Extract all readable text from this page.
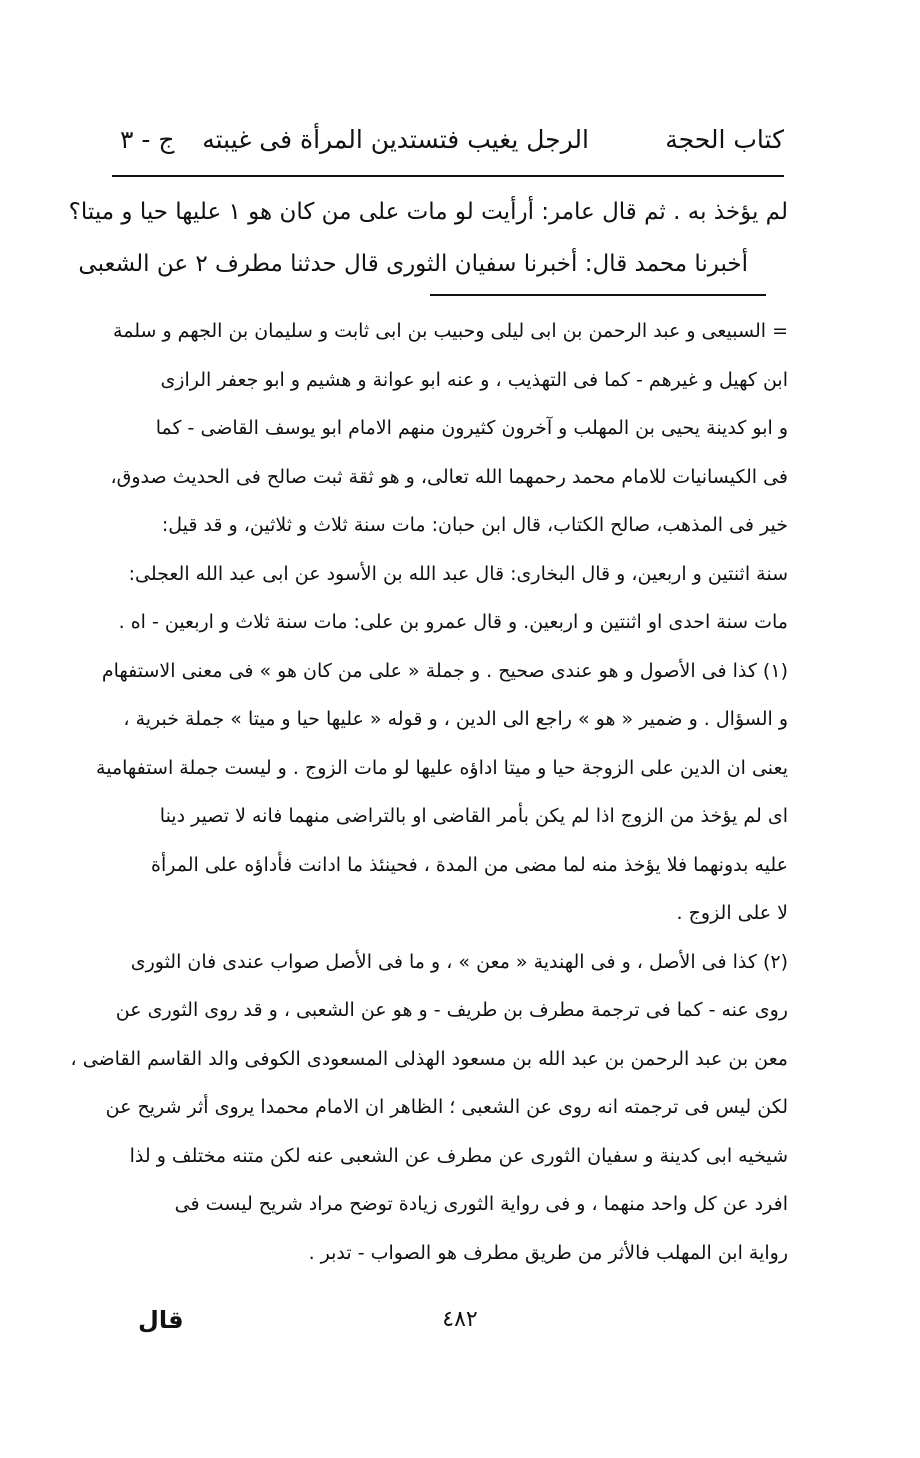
كتاب الحجة
الرجل يغيب فتستدين المرأة فى غيبته
ج - ٣

لم يؤخذ به . ثم قال عامر: أرأيت لو مات على من كان هو ١ عليها حيا و ميتا؟

أخبرنا محمد قال: أخبرنا سفيان الثورى قال حدثنا مطرف ٢ عن الشعبى

= السبيعى و عبد الرحمن بن ابى ليلى وحبيب بن ابى ثابت و سليمان بن الجهم و سلمة

ابن كهيل و غيرهم - كما فى التهذيب ، و عنه ابو عوانة و هشيم و ابو جعفر الرازى

و ابو كدينة يحيى بن المهلب و آخرون كثيرون منهم الامام ابو يوسف القاضى - كما

فى الكيسانيات للامام محمد رحمهما الله تعالى، و هو ثقة ثبت صالح فى الحديث صدوق،

خير فى المذهب، صالح الكتاب، قال ابن حبان: مات سنة ثلاث و ثلاثين، و قد قيل:

سنة اثنتين و اربعين، و قال البخارى: قال عبد الله بن الأسود عن ابى عبد الله العجلى:

مات سنة احدى او اثنتين و اربعين. و قال عمرو بن على: مات سنة ثلاث و اربعين - اه .

(١) كذا فى الأصول و هو عندى صحيح . و جملة « على من كان هو » فى معنى الاستفهام

و السؤال . و ضمير « هو » راجع الى الدين ، و قوله « عليها حيا و ميتا » جملة خبرية ،

يعنى ان الدين على الزوجة حيا و ميتا اداؤه عليها لو مات الزوج . و ليست جملة استفهامية

اى لم يؤخذ من الزوج اذا لم يكن بأمر القاضى او بالتراضى منهما فانه لا تصير دينا

عليه بدونهما فلا يؤخذ منه لما مضى من المدة ، فحينئذ ما ادانت فأداؤه على المرأة

لا على الزوج .

(٢) كذا فى الأصل ، و فى الهندية « معن » ، و ما فى الأصل صواب عندى فان الثورى

روى عنه - كما فى ترجمة مطرف بن طريف - و هو عن الشعبى ، و قد روى الثورى عن

معن بن عبد الرحمن بن عبد الله بن مسعود الهذلى المسعودى الكوفى والد القاسم القاضى ،

لكن ليس فى ترجمته انه روى عن الشعبى ؛ الظاهر ان الامام محمدا يروى أثر شريح عن

شيخيه ابى كدينة و سفيان الثورى عن مطرف عن الشعبى عنه لكن متنه مختلف و لذا

افرد عن كل واحد منهما ، و فى رواية الثورى زيادة توضح مراد شريح ليست فى

رواية ابن المهلب فالأثر من طريق مطرف هو الصواب - تدبر .

قال	٤٨٢
